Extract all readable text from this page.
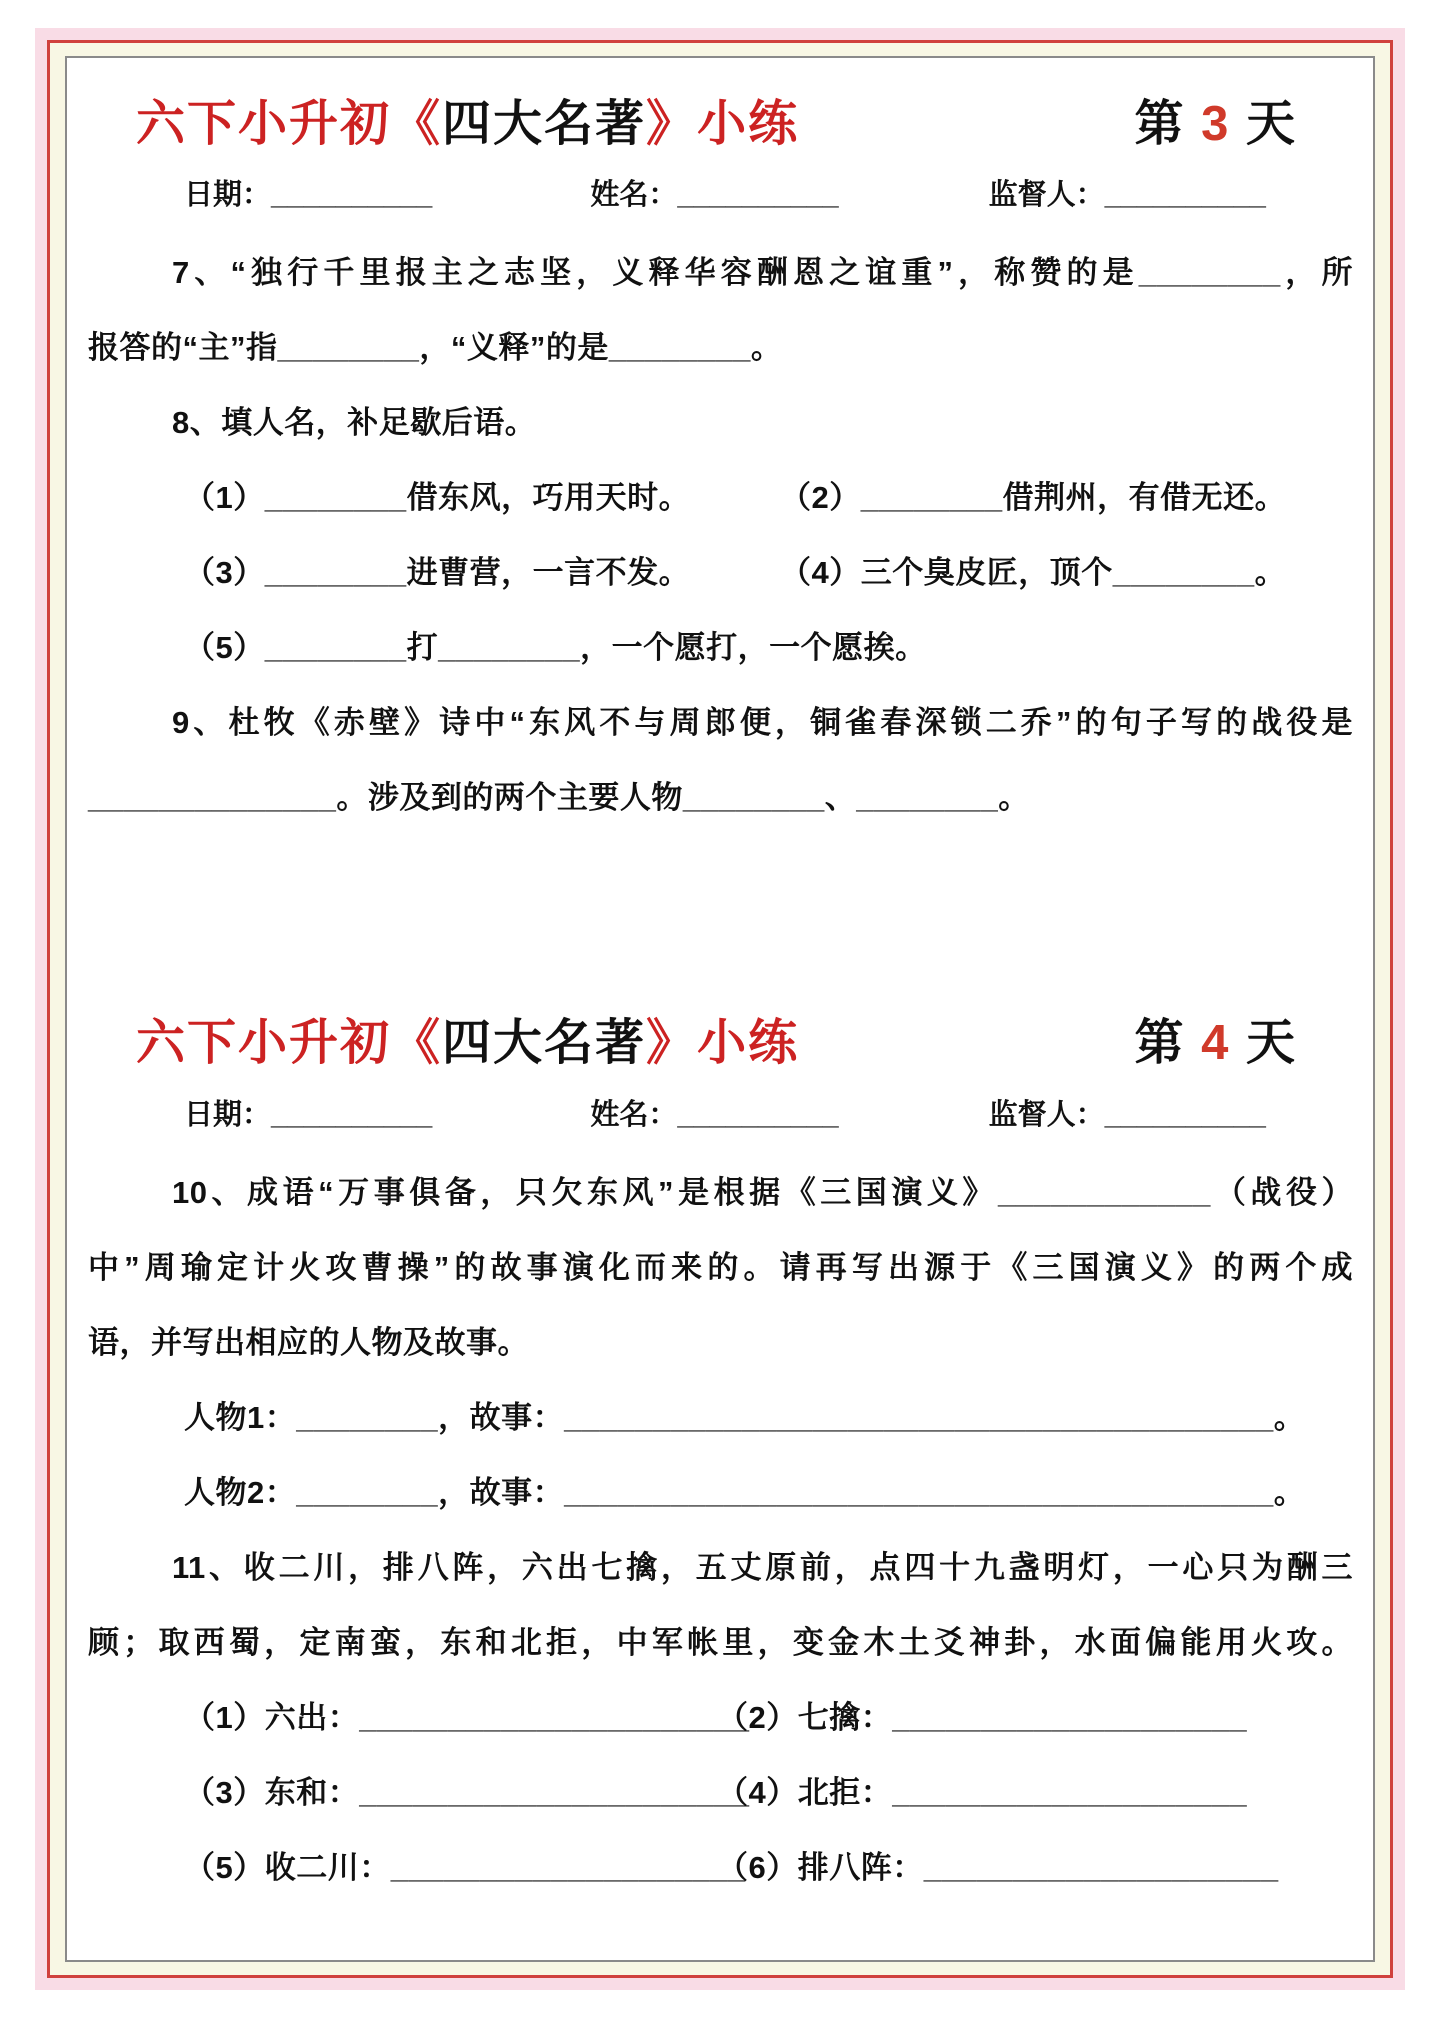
六下小升初《四大名著》小练	第 3 天
日期：__________	姓名：__________	监督人：__________
7、“独行千里报主之志坚，义释华容酬恩之谊重”，称赞的是________，所
报答的“主”指________，“义释”的是________。
8、填人名，补足歇后语。
（1）________借东风，巧用天时。	（2）________借荆州，有借无还。
（3）________进曹营，一言不发。	（4）三个臭皮匠，顶个________。
（5）________打________，一个愿打，一个愿挨。
9、杜牧《赤壁》诗中“东风不与周郎便，铜雀春深锁二乔”的句子写的战役是
______________。涉及到的两个主要人物________、________。
六下小升初《四大名著》小练	第 4 天
日期：__________	姓名：__________	监督人：__________
10、成语“万事俱备，只欠东风”是根据《三国演义》____________（战役）
中”周瑜定计火攻曹操”的故事演化而来的。请再写出源于《三国演义》的两个成
语，并写出相应的人物及故事。
人物1：________，故事：________________________________________。
人物2：________，故事：________________________________________。
11、收二川，排八阵，六出七擒，五丈原前，点四十九盏明灯，一心只为酬三
顾；取西蜀，定南蛮，东和北拒，中军帐里，变金木土爻神卦，水面偏能用火攻。
（1）六出：______________________（2）七擒：____________________
（3）东和：______________________（4）北拒：____________________
（5）收二川：____________________（6）排八阵：____________________
